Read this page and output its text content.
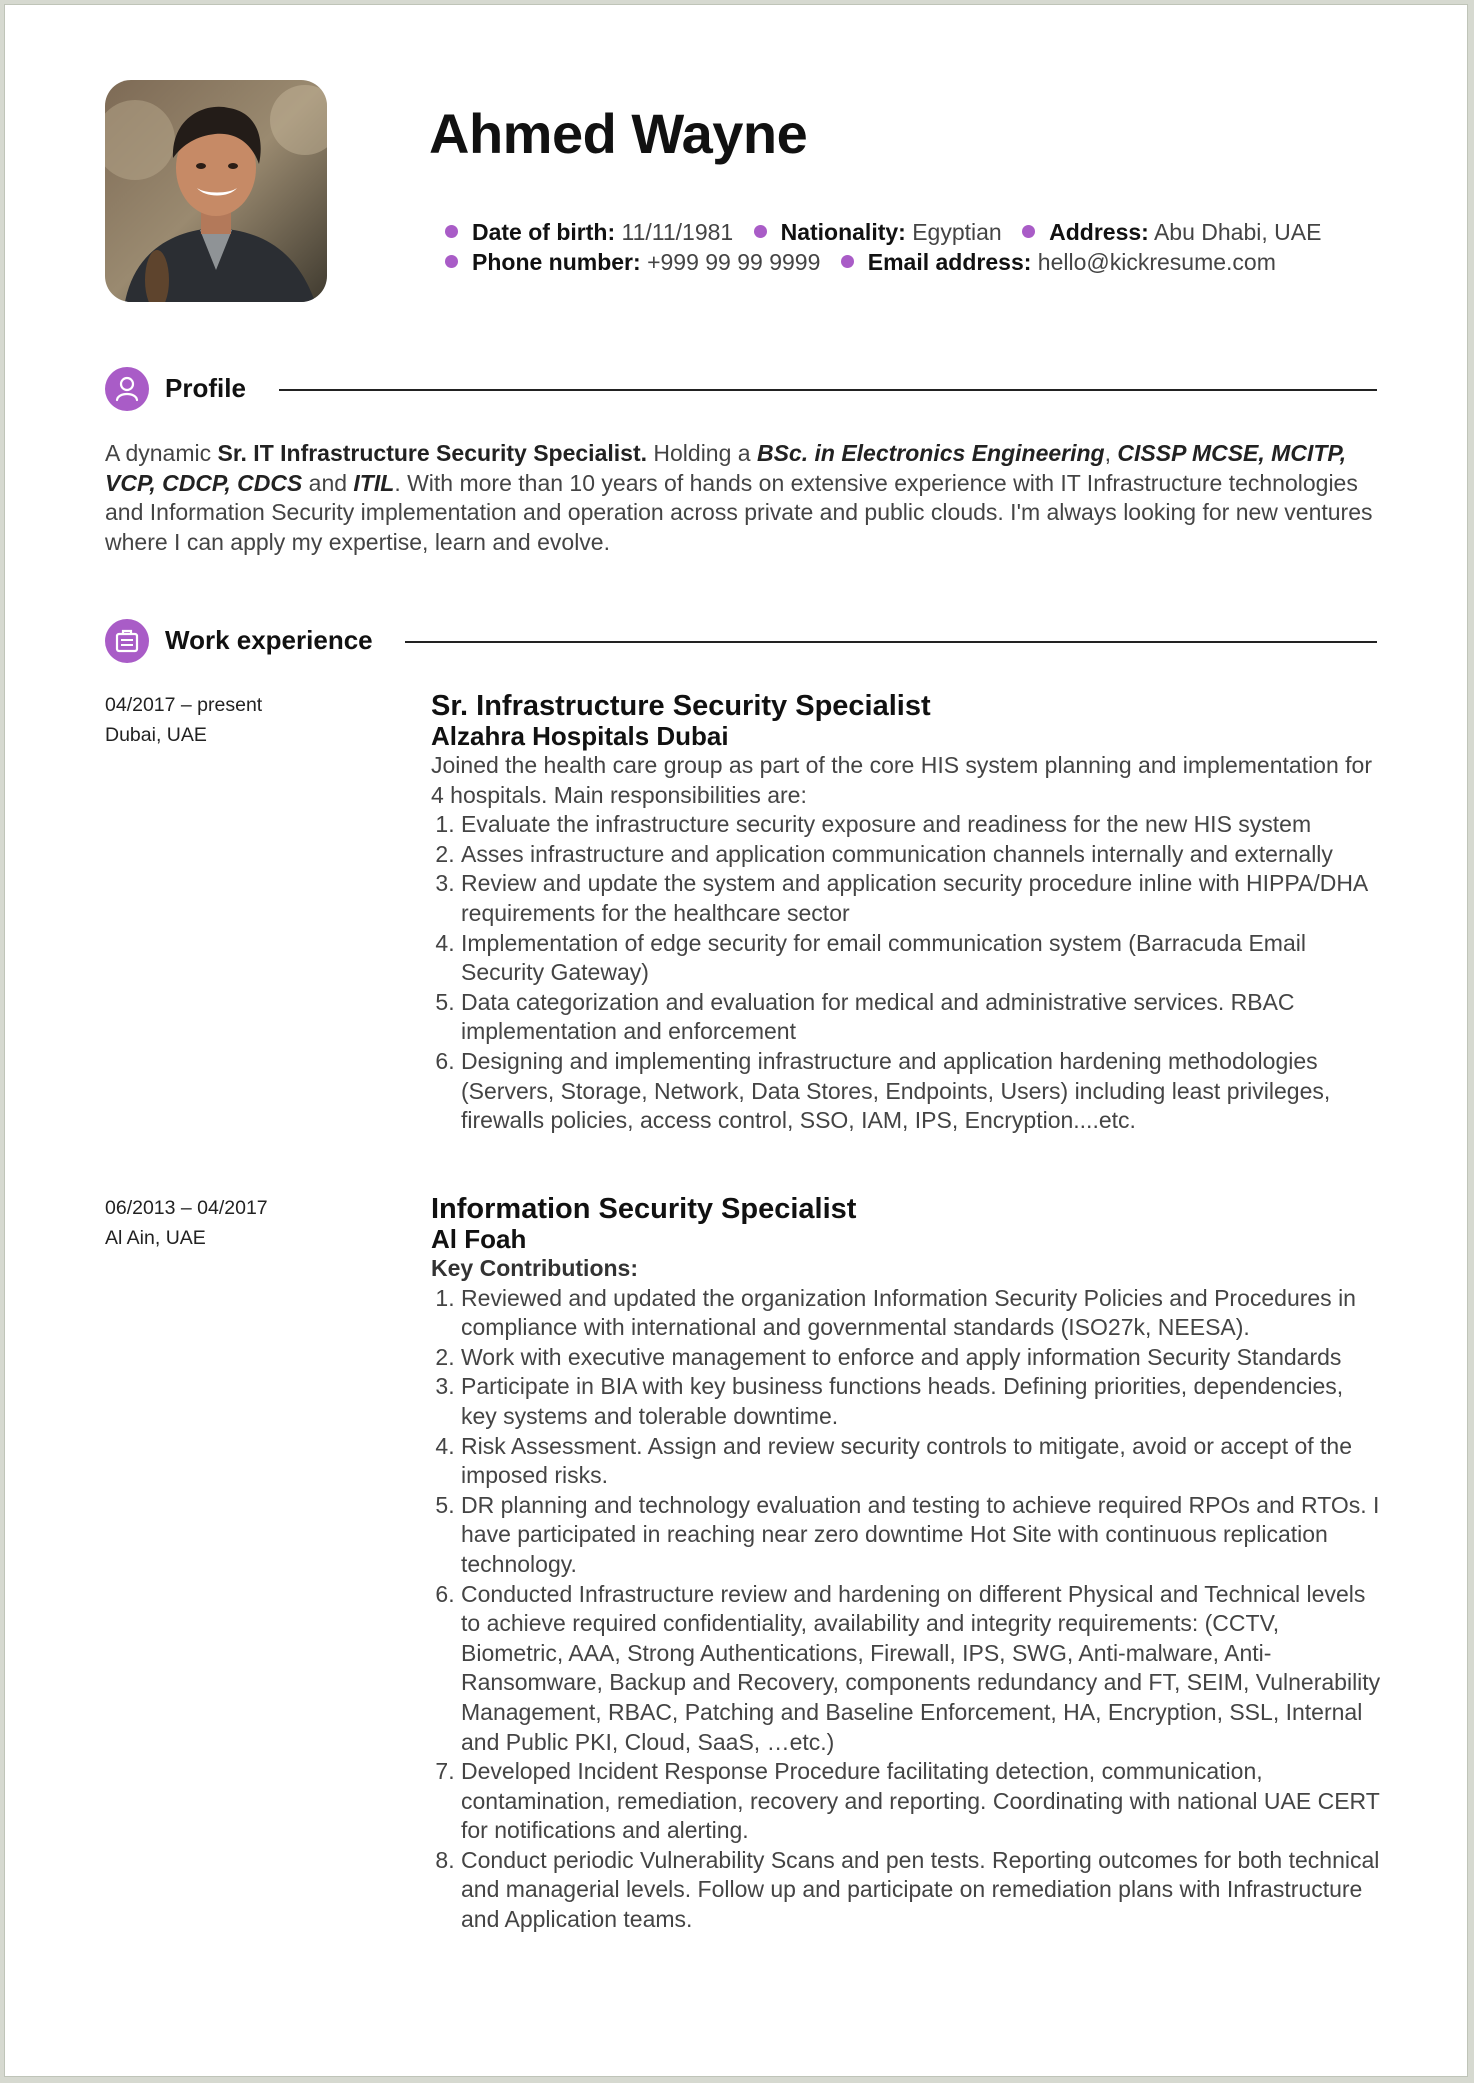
Ahmed Wayne
Date of birth: 11/11/1981 Nationality: Egyptian Address: Abu Dhabi, UAE
Phone number: +999 99 99 9999 Email address: hello@kickresume.com
Profile

A dynamic Sr. IT Infrastructure Security Specialist. Holding a BSc. in Electronics Engineering, CISSP MCSE, MCITP, VCP, CDCP, CDCS and ITIL. With more than 10 years of hands on extensive experience with IT Infrastructure technologies and Information Security implementation and operation across private and public clouds. I'm always looking for new ventures where I can apply my expertise, learn and evolve.

Work experience
04/2017 – present
Dubai, UAE
Sr. Infrastructure Security Specialist
Alzahra Hospitals Dubai
Joined the health care group as part of the core HIS system planning and implementation for 4 hospitals. Main responsibilities are:
1. Evaluate the infrastructure security exposure and readiness for the new HIS system
2. Asses infrastructure and application communication channels internally and externally
3. Review and update the system and application security procedure inline with HIPPA/DHA requirements for the healthcare sector
4. Implementation of edge security for email communication system (Barracuda Email Security Gateway)
5. Data categorization and evaluation for medical and administrative services. RBAC implementation and enforcement
6. Designing and implementing infrastructure and application hardening methodologies (Servers, Storage, Network, Data Stores, Endpoints, Users) including least privileges, firewalls policies, access control, SSO, IAM, IPS, Encryption....etc.
06/2013 – 04/2017
Al Ain, UAE
Information Security Specialist
Al Foah
Key Contributions:
1. Reviewed and updated the organization Information Security Policies and Procedures in compliance with international and governmental standards (ISO27k, NEESA).
2. Work with executive management to enforce and apply information Security Standards
3. Participate in BIA with key business functions heads. Defining priorities, dependencies, key systems and tolerable downtime.
4. Risk Assessment. Assign and review security controls to mitigate, avoid or accept of the imposed risks.
5. DR planning and technology evaluation and testing to achieve required RPOs and RTOs. I have participated in reaching near zero downtime Hot Site with continuous replication technology.
6. Conducted Infrastructure review and hardening on different Physical and Technical levels to achieve required confidentiality, availability and integrity requirements: (CCTV, Biometric, AAA, Strong Authentications, Firewall, IPS, SWG, Anti-malware, Anti-Ransomware, Backup and Recovery, components redundancy and FT, SEIM, Vulnerability Management, RBAC, Patching and Baseline Enforcement, HA, Encryption, SSL, Internal and Public PKI, Cloud, SaaS, …etc.)
7. Developed Incident Response Procedure facilitating detection, communication, contamination, remediation, recovery and reporting. Coordinating with national UAE CERT for notifications and alerting.
8. Conduct periodic Vulnerability Scans and pen tests. Reporting outcomes for both technical and managerial levels. Follow up and participate on remediation plans with Infrastructure and Application teams.
